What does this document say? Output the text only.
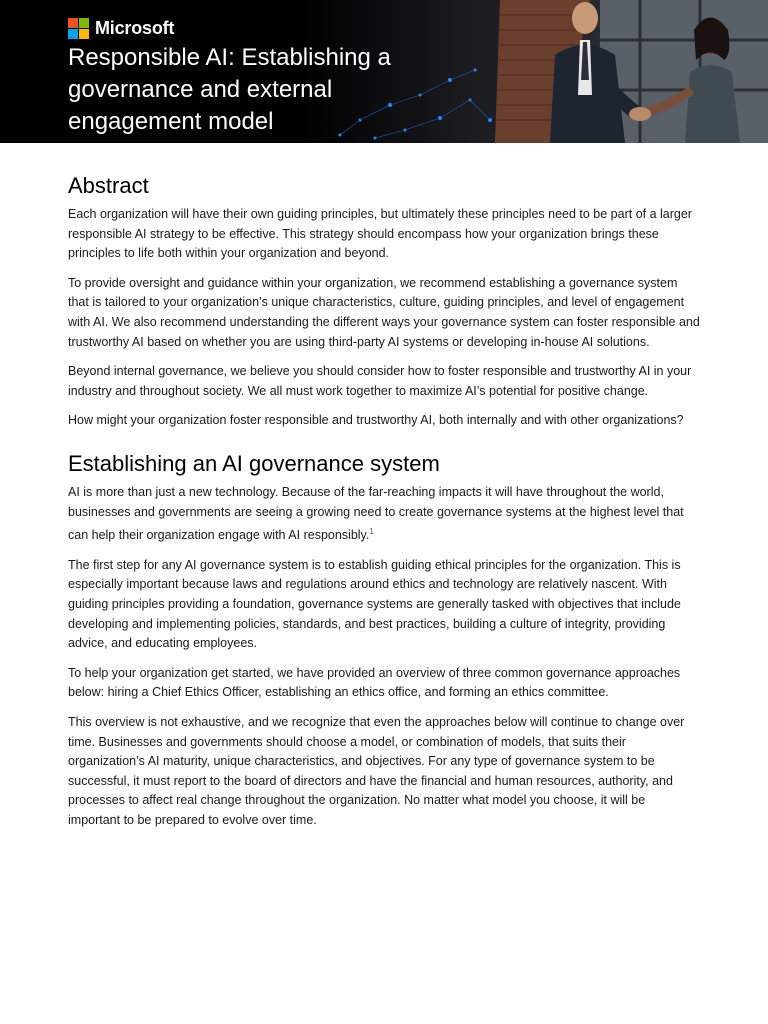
Microsoft
Responsible AI: Establishing a governance and external engagement model
Abstract

Each organization will have their own guiding principles, but ultimately these principles need to be part of a larger responsible AI strategy to be effective. This strategy should encompass how your organization brings these principles to life both within your organization and beyond.

To provide oversight and guidance within your organization, we recommend establishing a governance system that is tailored to your organization’s unique characteristics, culture, guiding principles, and level of engagement with AI. We also recommend understanding the different ways your governance system can foster responsible and trustworthy AI based on whether you are using third-party AI systems or developing in-house AI solutions.

Beyond internal governance, we believe you should consider how to foster responsible and trustworthy AI in your industry and throughout society. We all must work together to maximize AI’s potential for positive change.

How might your organization foster responsible and trustworthy AI, both internally and with other organizations?

Establishing an AI governance system

AI is more than just a new technology. Because of the far-reaching impacts it will have throughout the world, businesses and governments are seeing a growing need to create governance systems at the highest level that can help their organization engage with AI responsibly.$^1$

The first step for any AI governance system is to establish guiding ethical principles for the organization. This is especially important because laws and regulations around ethics and technology are relatively nascent. With guiding principles providing a foundation, governance systems are generally tasked with objectives that include developing and implementing policies, standards, and best practices, building a culture of integrity, providing advice, and educating employees.

To help your organization get started, we have provided an overview of three common governance approaches below: hiring a Chief Ethics Officer, establishing an ethics office, and forming an ethics committee.

This overview is not exhaustive, and we recognize that even the approaches below will continue to change over time. Businesses and governments should choose a model, or combination of models, that suits their organization’s AI maturity, unique characteristics, and objectives. For any type of governance system to be successful, it must report to the board of directors and have the financial and human resources, authority, and processes to affect real change throughout the organization. No matter what model you choose, it will be important to be prepared to evolve over time.
